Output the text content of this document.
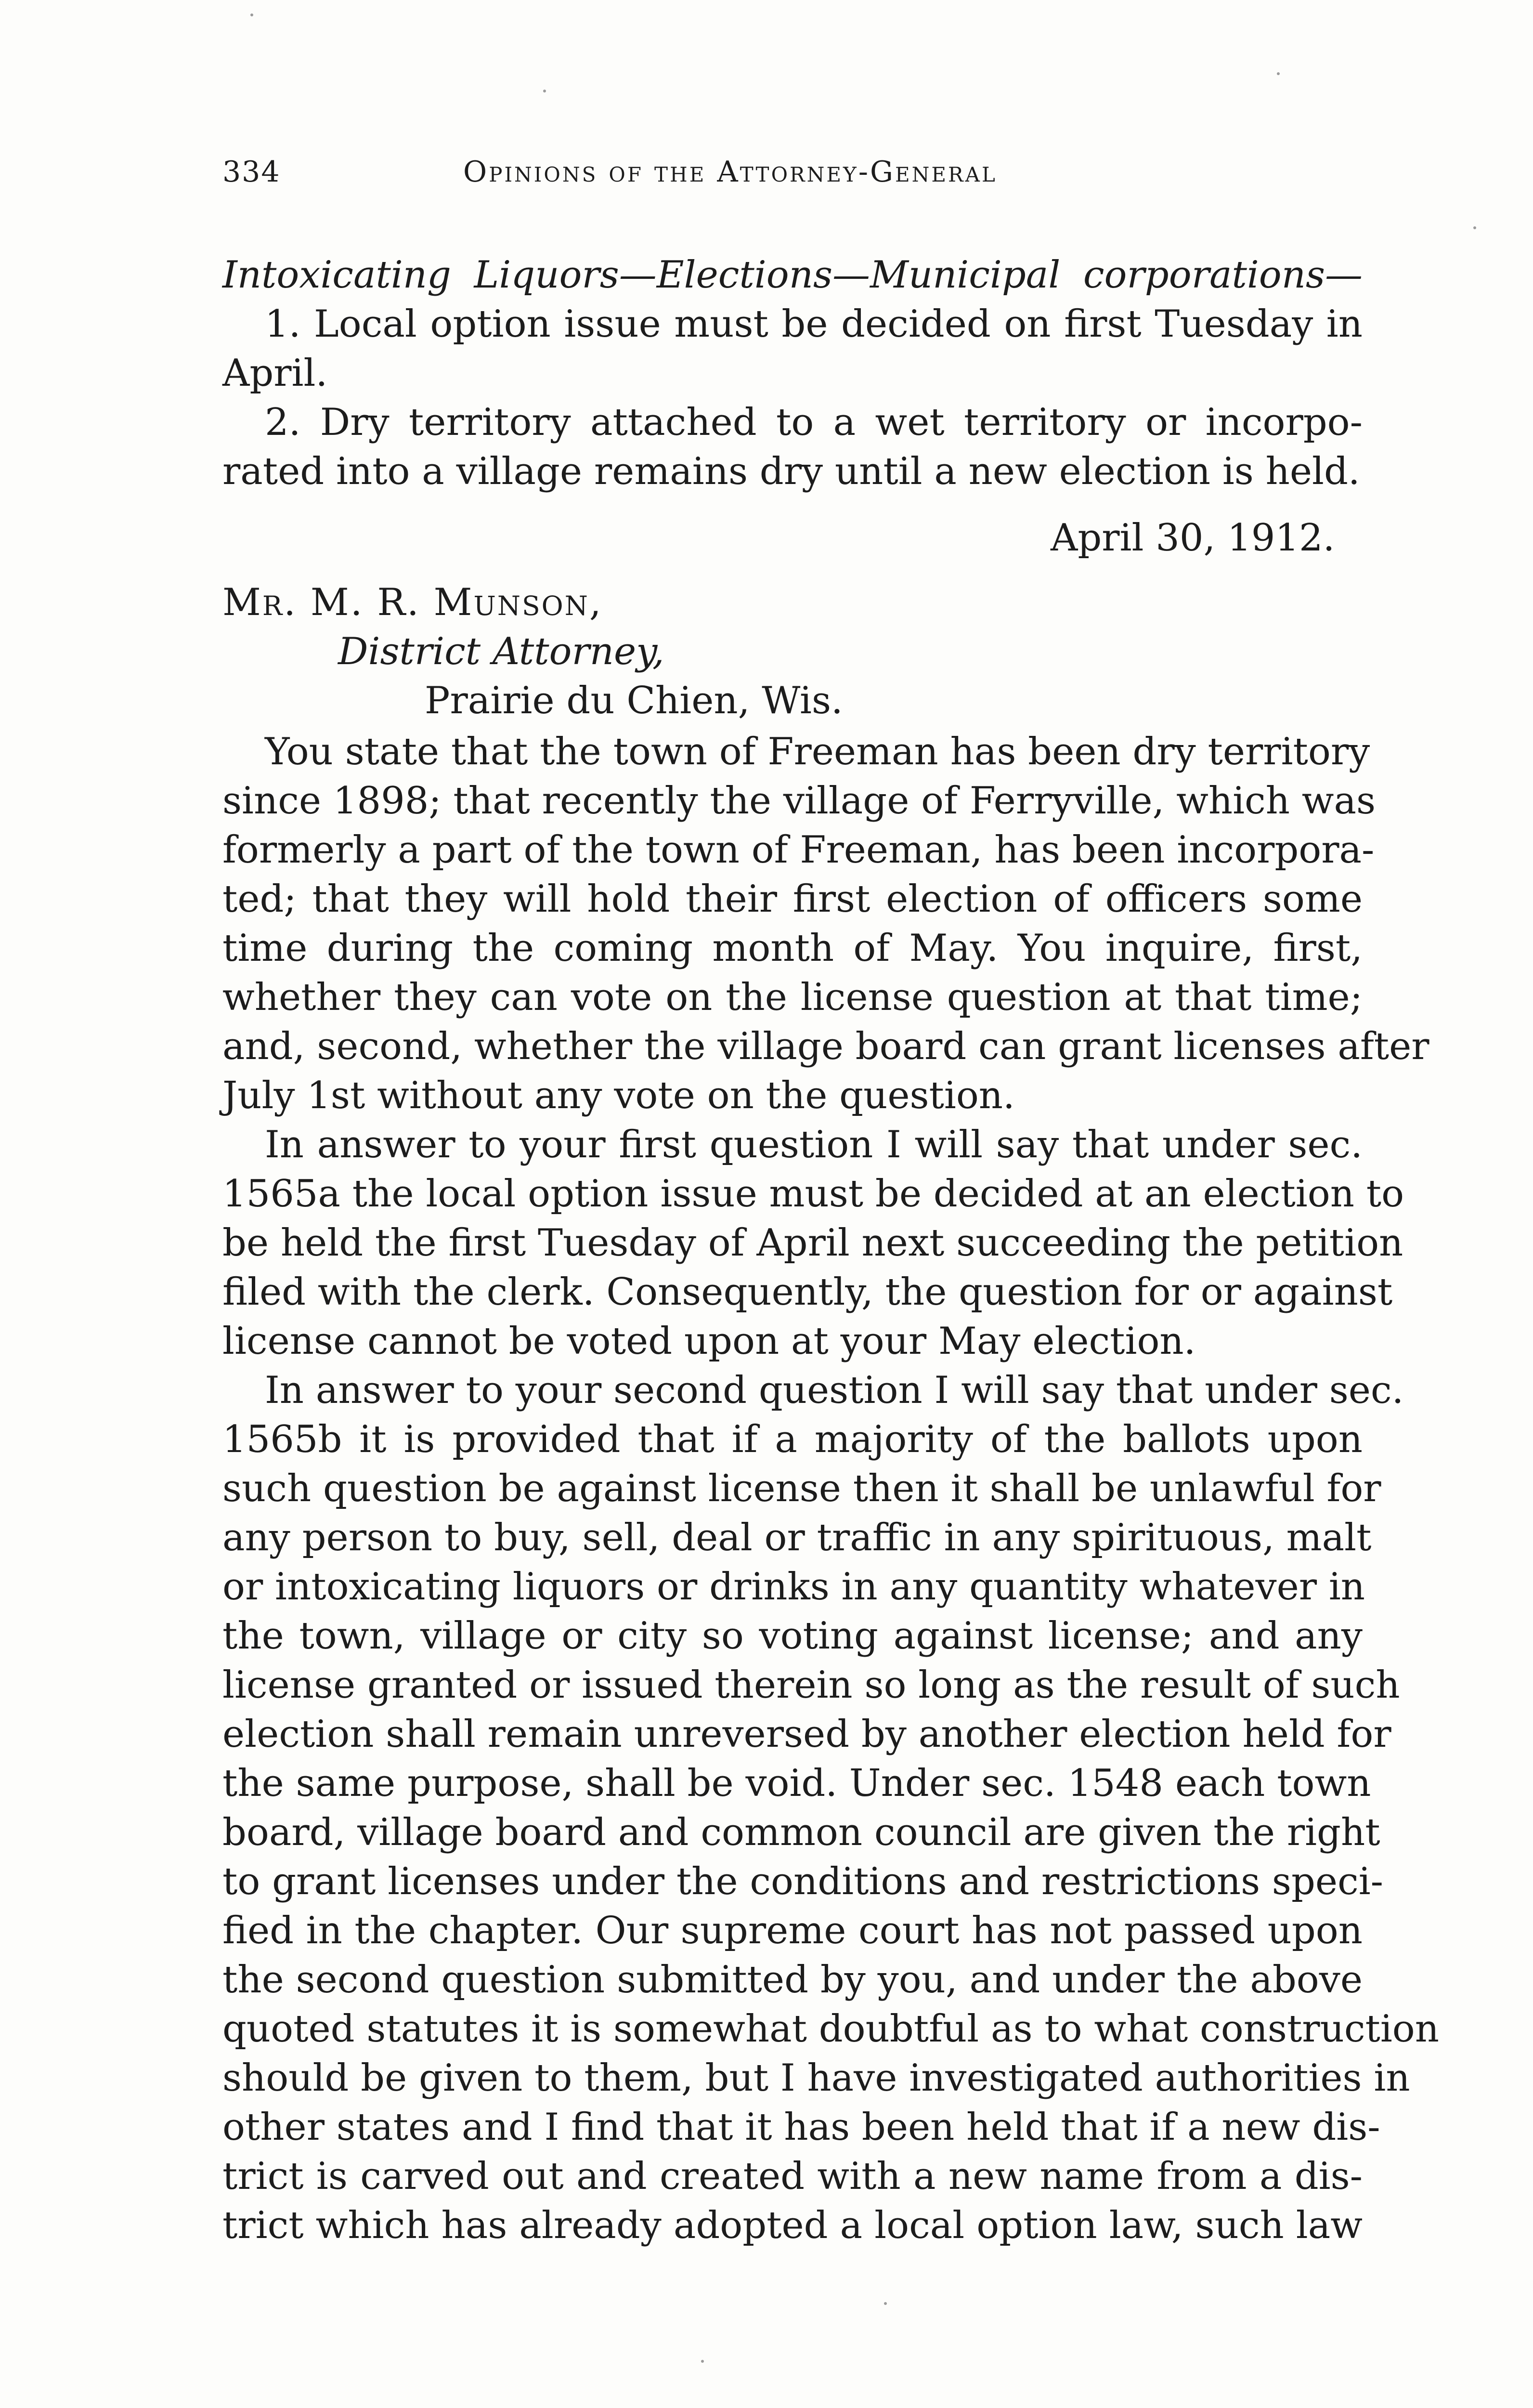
334	Opinions of the Attorney-General
Intoxicating Liquors—Elections—Municipal corporations—
1. Local option issue must be decided on first Tuesday in
April.
2. Dry territory attached to a wet territory or incorpo-
rated into a village remains dry until a new election is held.
April 30, 1912.
Mr. M. R. Munson,
District Attorney,
Prairie du Chien, Wis.
You state that the town of Freeman has been dry territory
since 1898; that recently the village of Ferryville, which was
formerly a part of the town of Freeman, has been incorpora-
ted; that they will hold their first election of officers some
time during the coming month of May. You inquire, first,
whether they can vote on the license question at that time;
and, second, whether the village board can grant licenses after
July 1st without any vote on the question.
In answer to your first question I will say that under sec.
1565a the local option issue must be decided at an election to
be held the first Tuesday of April next succeeding the petition
filed with the clerk. Consequently, the question for or against
license cannot be voted upon at your May election.
In answer to your second question I will say that under sec.
1565b it is provided that if a majority of the ballots upon
such question be against license then it shall be unlawful for
any person to buy, sell, deal or traffic in any spirituous, malt
or intoxicating liquors or drinks in any quantity whatever in
the town, village or city so voting against license; and any
license granted or issued therein so long as the result of such
election shall remain unreversed by another election held for
the same purpose, shall be void. Under sec. 1548 each town
board, village board and common council are given the right
to grant licenses under the conditions and restrictions speci-
fied in the chapter. Our supreme court has not passed upon
the second question submitted by you, and under the above
quoted statutes it is somewhat doubtful as to what construction
should be given to them, but I have investigated authorities in
other states and I find that it has been held that if a new dis-
trict is carved out and created with a new name from a dis-
trict which has already adopted a local option law, such law
